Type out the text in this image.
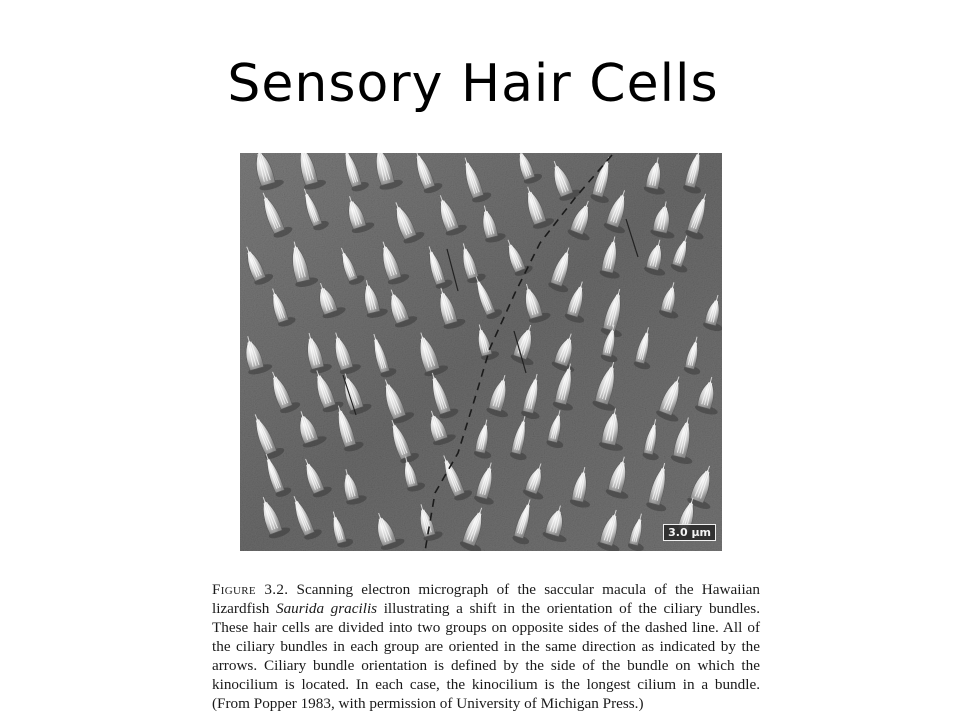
Sensory Hair Cells
3.0 µm

Figure 3.2. Scanning electron micrograph of the saccular macula of the Hawaiian lizardfish Saurida gracilis illustrating a shift in the orientation of the ciliary bundles. These hair cells are divided into two groups on opposite sides of the dashed line. All of the ciliary bundles in each group are oriented in the same direction as indicated by the arrows. Ciliary bundle orientation is defined by the side of the bundle on which the kinocilium is located. In each case, the kinocilium is the longest cilium in a bundle. (From Popper 1983, with permission of University of Michigan Press.)
